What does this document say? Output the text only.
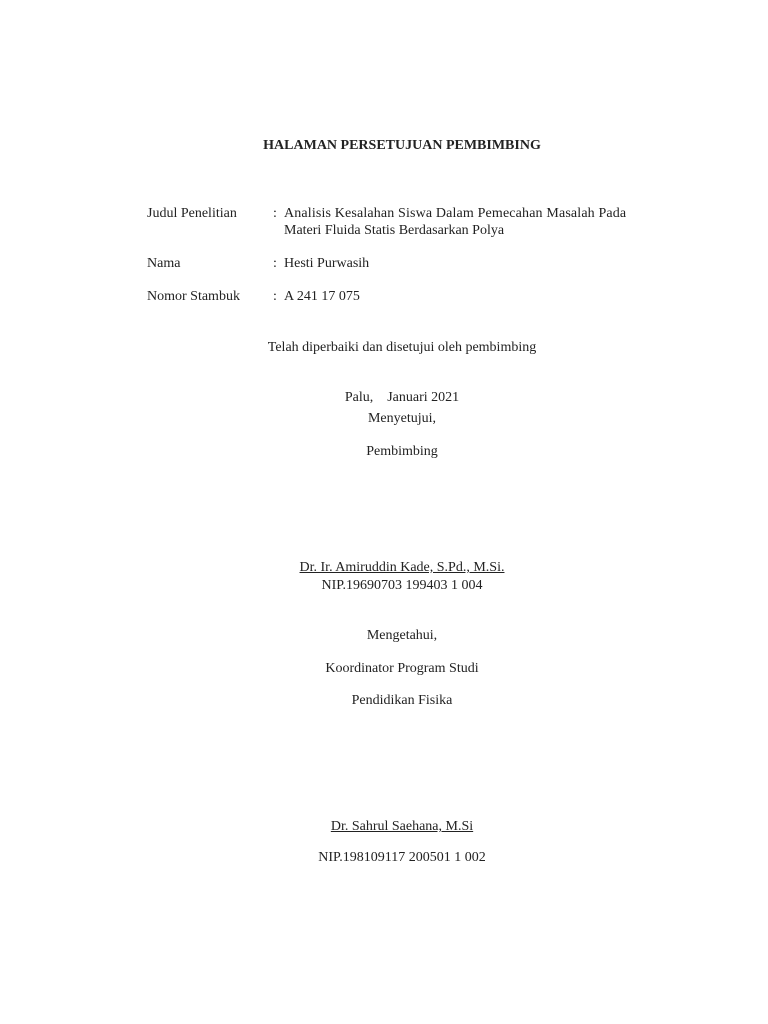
HALAMAN PERSETUJUAN PEMBIMBING
Judul Penelitian	: Analisis Kesalahan Siswa Dalam Pemecahan Masalah Pada
Materi Fluida Statis Berdasarkan Polya
Nama	: Hesti Purwasih
Nomor Stambuk : A 241 17 075
Telah diperbaiki dan disetujui oleh pembimbing
Palu,    Januari 2021
Menyetujui,
Pembimbing
Dr. Ir. Amiruddin Kade, S.Pd., M.Si.
NIP.19690703 199403 1 004
Mengetahui,
Koordinator Program Studi
Pendidikan Fisika
Dr. Sahrul Saehana, M.Si
NIP.198109117 200501 1 002
